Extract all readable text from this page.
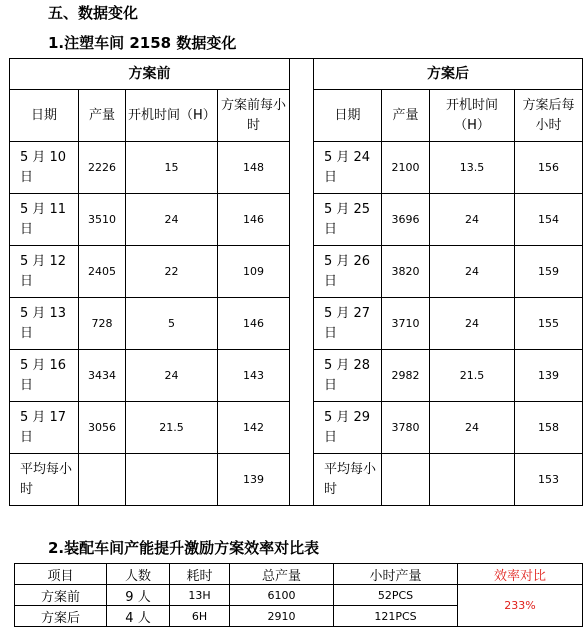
五、数据变化
1.注塑车间 2158 数据变化
方案前					方案后			
日期	产量	开机时间（H）	方案前每小时		日期	产量	开机时间（H）	方案后每小时
5 月 10 日	2226	15	148		5 月 24 日	2100	13.5	156
5 月 11 日	3510	24	146		5 月 25 日	3696	24	154
5 月 12 日	2405	22	109		5 月 26 日	3820	24	159
5 月 13 日	728	5	146		5 月 27 日	3710	24	155
5 月 16 日	3434	24	143		5 月 28 日	2982	21.5	139
5 月 17 日	3056	21.5	142		5 月 29 日	3780	24	158
平均每小时			139		平均每小时			153
2.装配车间产能提升激励方案效率对比表
项目	人数	耗时	总产量	小时产量	效率对比
方案前	9 人	13H	6100	52PCS	233%
方案后	4 人	6H	2910	121PCS	
